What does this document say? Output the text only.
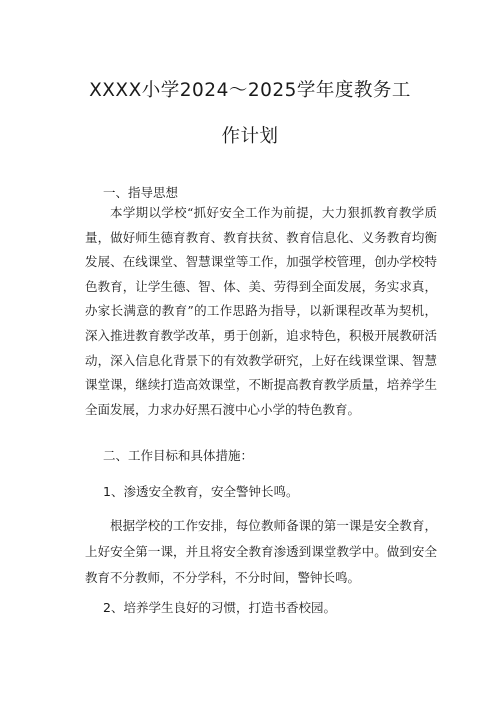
XXXX小学2024～2025学年度教务工
作计划
一、指导思想

本学期以学校“抓好安全工作为前提，大力狠抓教育教学质量，做好师生德育教育、教育扶贫、教育信息化、义务教育均衡发展、在线课堂、智慧课堂等工作，加强学校管理，创办学校特色教育，让学生德、智、体、美、劳得到全面发展，务实求真，办家长满意的教育”的工作思路为指导，以新课程改革为契机，深入推进教育教学改革，勇于创新，追求特色，积极开展教研活动，深入信息化背景下的有效教学研究，上好在线课堂课、智慧课堂课，继续打造高效课堂，不断提高教育教学质量，培养学生全面发展，力求办好黑石渡中心小学的特色教育。

二、工作目标和具体措施：
1、渗透安全教育，安全警钟长鸣。

根据学校的工作安排，每位教师备课的第一课是安全教育，上好安全第一课，并且将安全教育渗透到课堂教学中。做到安全教育不分教师，不分学科，不分时间，警钟长鸣。

2、培养学生良好的习惯，打造书香校园。
